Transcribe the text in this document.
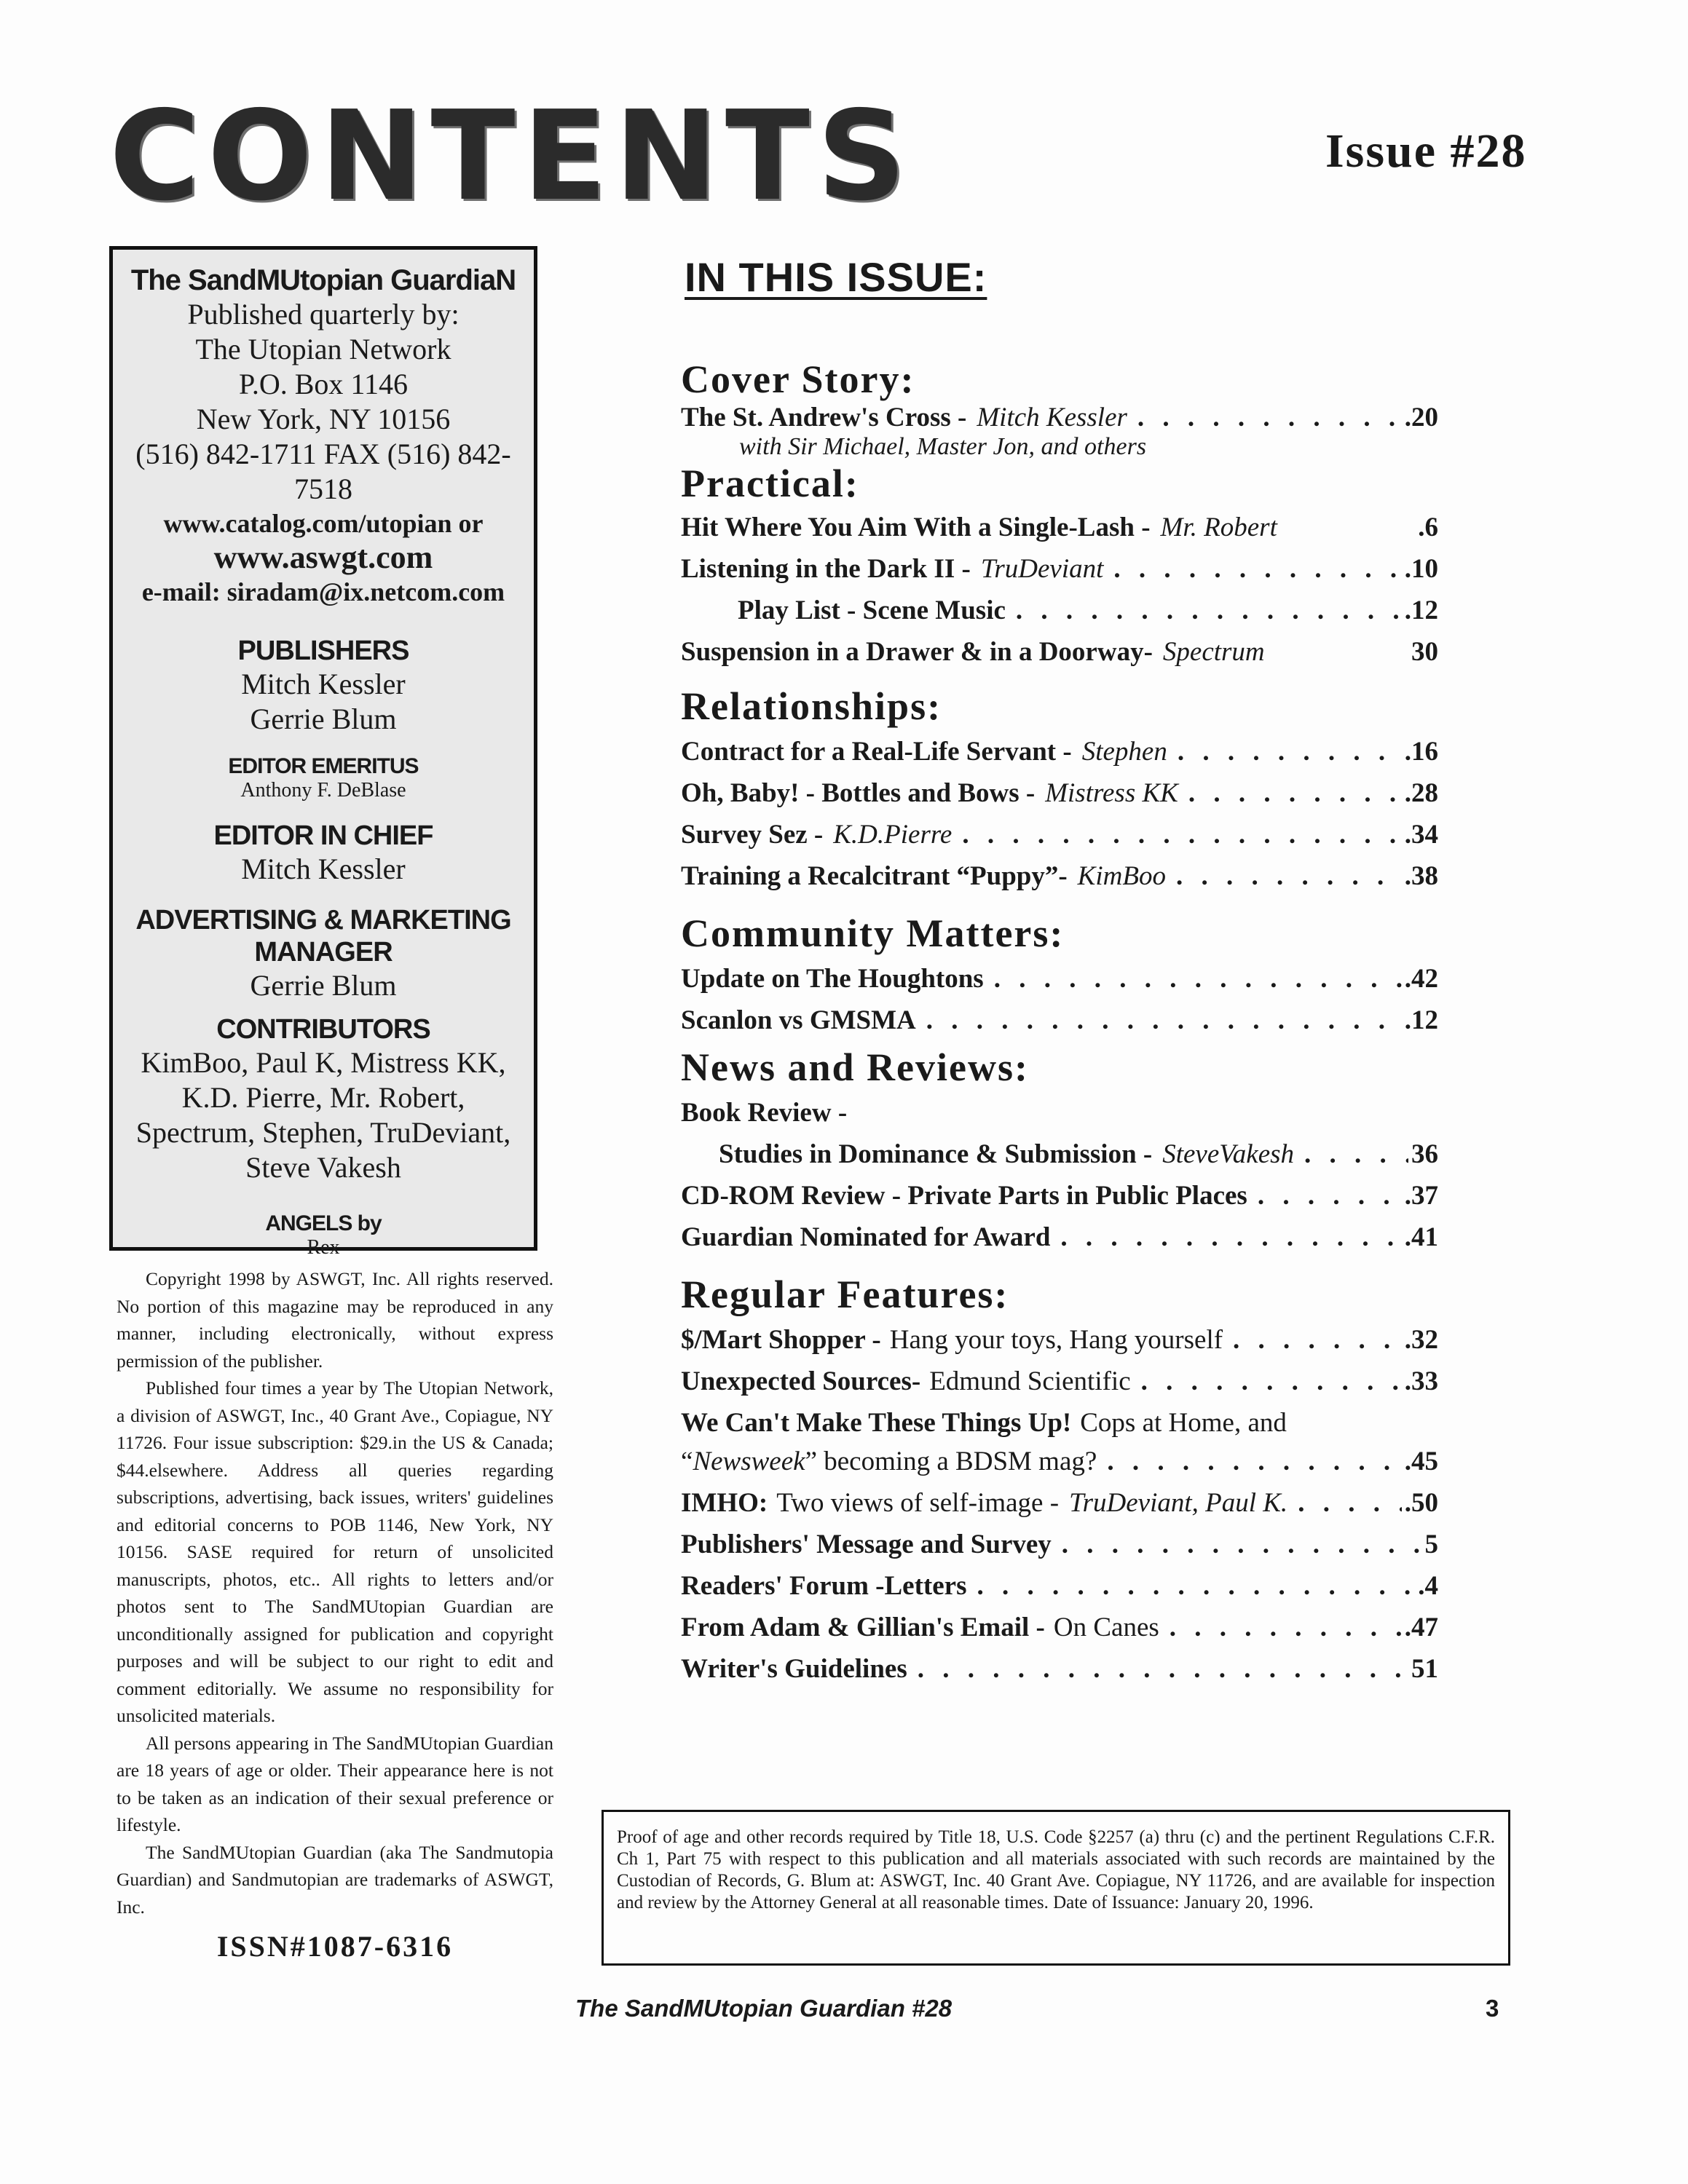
CONTENTS	Issue #28
The SandMUtopian GuardiaN
Published quarterly by:
The Utopian Network
P.O. Box 1146
New York, NY 10156
(516) 842-1711 FAX (516) 842-7518
www.catalog.com/utopian or
www.aswgt.com
e-mail: siradam@ix.netcom.com
PUBLISHERS
Mitch Kessler
Gerrie Blum
EDITOR EMERITUS
Anthony F. DeBlase
EDITOR IN CHIEF
Mitch Kessler
ADVERTISING & MARKETING
MANAGER
Gerrie Blum
CONTRIBUTORS
KimBoo, Paul K, Mistress KK,
K.D. Pierre, Mr. Robert,
Spectrum, Stephen, TruDeviant,
Steve Vakesh
ANGELS by
Rex

Copyright 1998 by ASWGT, Inc. All rights reserved. No portion of this magazine may be reproduced in any manner, including electronically, without express permission of the publisher.

Published four times a year by The Utopian Network, a division of ASWGT, Inc., 40 Grant Ave., Copiague, NY 11726. Four issue subscription: $29.in the US & Canada; $44.elsewhere. Address all queries regarding subscriptions, advertising, back issues, writers' guidelines and editorial concerns to POB 1146, New York, NY 10156. SASE required for return of unsolicited manuscripts, photos, etc.. All rights to letters and/or photos sent to The SandMUtopian Guardian are unconditionally assigned for publication and copyright purposes and will be subject to our right to edit and comment editorially. We assume no responsibility for unsolicited materials.

All persons appearing in The SandMUtopian Guardian are 18 years of age or older. Their appearance here is not to be taken as an indication of their sexual preference or lifestyle.

The SandMUtopian Guardian (aka The Sandmutopia Guardian) and Sandmutopian are trademarks of ASWGT, Inc.

ISSN#1087-6316
IN THIS ISSUE:
Cover Story:
The St. Andrew's Cross - Mitch Kessler . . .	.20
with Sir Michael, Master Jon, and others
Practical:
Hit Where You Aim With a Single-Lash - Mr. Robert	.6
Listening in the Dark II - TruDeviant . . .	.10
Play List - Scene Music . . .	.12
Suspension in a Drawer & in a Doorway- Spectrum	30
Relationships:
Contract for a Real-Life Servant - Stephen . . .	.16
Oh, Baby! - Bottles and Bows - Mistress KK . . .	.28
Survey Sez - K.D.Pierre . . .	.34
Training a Recalcitrant “Puppy”- KimBoo . . .	.38
Community Matters:
Update on The Houghtons . . .	.42
Scanlon vs GMSMA . . .	.12
News and Reviews:
Book Review -
Studies in Dominance & Submission - SteveVakesh . . .	36
CD-ROM Review - Private Parts in Public Places . . .	.37
Guardian Nominated for Award . . .	.41
Regular Features:
$/Mart Shopper - Hang your toys, Hang yourself . . .	.32
Unexpected Sources- Edmund Scientific . . .	.33
We Can't Make These Things Up! Cops at Home, and
“ Newsweek ” becoming a BDSM mag? . . .	.45
IMHO: Two views of self-image - TruDeviant, Paul K. . . .	.50
Publishers' Message and Survey . . .	5
Readers' Forum -Letters . . .	.4
From Adam & Gillian's Email - On Canes . . .	.47
Writer's Guidelines . . .	51
Proof of age and other records required by Title 18, U.S. Code §2257 (a) thru (c) and the pertinent Regulations C.F.R. Ch 1, Part 75 with respect to this publication and all materials associated with such records are maintained by the Custodian of Records, G. Blum at: ASWGT, Inc. 40 Grant Ave. Copiague, NY 11726, and are available for inspection and review by the Attorney General at all reasonable times. Date of Issuance: January 20, 1996.
The SandMUtopian Guardian #28	3
